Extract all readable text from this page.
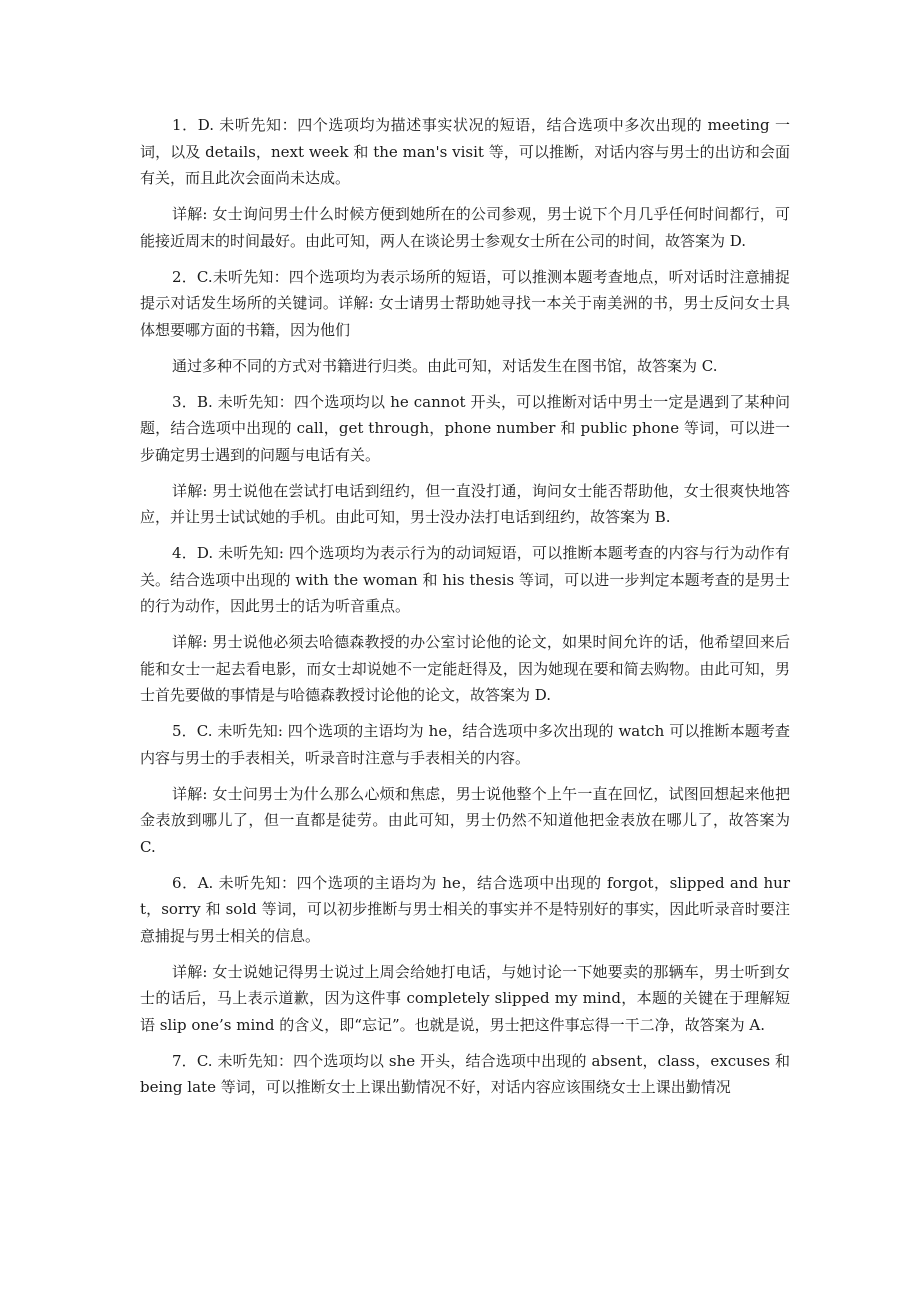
1．D. 未听先知：四个选项均为描述事实状况的短语，结合选项中多次出现的 meeting 一词，以及 details，next week 和 the man's visit 等，可以推断，对话内容与男士的出访和会面有关，而且此次会面尚未达成。

详解: 女士询问男士什么时候方便到她所在的公司参观，男士说下个月几乎任何时间都行，可能接近周末的时间最好。由此可知，两人在谈论男士参观女士所在公司的时间，故答案为 D.

2．C.未听先知：四个选项均为表示场所的短语，可以推测本题考查地点，听对话时注意捕捉提示对话发生场所的关键词。详解: 女士请男士帮助她寻找一本关于南美洲的书，男士反问女士具体想要哪方面的书籍，因为他们

通过多种不同的方式对书籍进行归类。由此可知，对话发生在图书馆，故答案为 C.

3．B. 未听先知：四个选项均以 he cannot 开头，可以推断对话中男士一定是遇到了某种问题，结合选项中出现的 call，get through，phone number 和 public phone 等词，可以进一步确定男士遇到的问题与电话有关。

详解: 男士说他在尝试打电话到纽约，但一直没打通，询问女士能否帮助他，女士很爽快地答应，并让男士试试她的手机。由此可知，男士没办法打电话到纽约，故答案为 B.

4．D. 未听先知: 四个选项均为表示行为的动词短语，可以推断本题考查的内容与行为动作有关。结合选项中出现的 with the woman 和 his thesis 等词，可以进一步判定本题考查的是男士的行为动作，因此男士的话为听音重点。

详解: 男士说他必须去哈德森教授的办公室讨论他的论文，如果时间允许的话，他希望回来后能和女士一起去看电影，而女士却说她不一定能赶得及，因为她现在要和简去购物。由此可知，男士首先要做的事情是与哈德森教授讨论他的论文，故答案为 D.

5．C. 未听先知: 四个选项的主语均为 he，结合选项中多次出现的 watch 可以推断本题考查内容与男士的手表相关，听录音时注意与手表相关的内容。

详解: 女士问男士为什么那么心烦和焦虑，男士说他整个上午一直在回忆，试图回想起来他把金表放到哪儿了，但一直都是徒劳。由此可知，男士仍然不知道他把金表放在哪儿了，故答案为 C.

6．A. 未听先知：四个选项的主语均为 he，结合选项中出现的 forgot，slipped and hurt，sorry 和 sold 等词，可以初步推断与男士相关的事实并不是特别好的事实，因此听录音时要注意捕捉与男士相关的信息。

详解: 女士说她记得男士说过上周会给她打电话，与她讨论一下她要卖的那辆车，男士听到女士的话后，马上表示道歉，因为这件事 completely slipped my mind，本题的关键在于理解短语 slip one’s mind 的含义，即“忘记”。也就是说，男士把这件事忘得一干二净，故答案为 A.

7．C. 未听先知：四个选项均以 she 开头，结合选项中出现的 absent，class，excuses 和 being late 等词，可以推断女士上课出勤情况不好，对话内容应该围绕女士上课出勤情况
